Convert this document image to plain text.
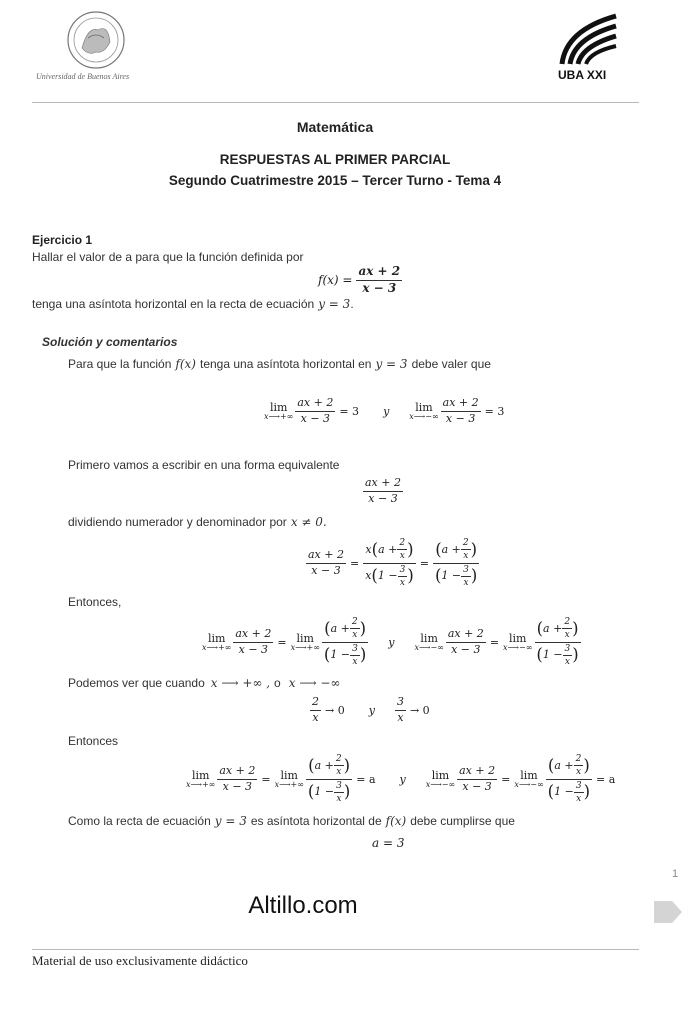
Universidad de Buenos Aires	UBA XXI
Matemática
RESPUESTAS AL PRIMER PARCIAL
Segundo Cuatrimestre 2015 – Tercer Turno - Tema 4
Ejercicio 1
Hallar el valor de a para que la función definida por
$f(x) = \frac{ax + 2}{x - 3}$
tenga una asíntota horizontal en la recta de ecuación y = 3 .
Solución y comentarios
Para que la función f(x) tenga una asíntota horizontal en y = 3 debe valer que
lim
x⟶+∞ $\frac{ax + 2}{x - 3} = 3$ y lim
x⟶−∞ $\frac{ax + 2}{x - 3} = 3$
Primero vamos a escribir en una forma equivalente
$\frac{ax + 2}{x - 3}$
dividiendo numerador y denominador por x ≠ 0.
$\frac{ax + 2}{x - 3} = \frac{x ( a + \frac{2}{x} )}{x ( 1 - \frac{3}{x} )} = \frac{( a + \frac{2}{x} )}{( 1 - \frac{3}{x} )}$
Entonces,
lim
x⟶+∞ $\frac{ax + 2}{x - 3} = \lim$
x⟶+∞ $\frac{( a + \frac{2}{x} )}{( 1 - \frac{3}{x} )}$ y lim
x⟶−∞ $\frac{ax + 2}{x - 3} = \lim$
x⟶−∞ $\frac{( a + \frac{2}{x} )}{( 1 - \frac{3}{x} )}$
Podemos ver que cuando x ⟶ +∞ , o x ⟶ −∞
$\frac{2}{x} \to 0$ y $\frac{3}{x} \to 0$
Entonces
lim
x⟶+∞ $\frac{ax + 2}{x - 3} = \lim$
x⟶+∞ $\frac{( a + \frac{2}{x} )}{( 1 - \frac{3}{x} )} = a$ y lim
x⟶−∞ $\frac{ax + 2}{x - 3} = \lim$
x⟶−∞ $\frac{( a + \frac{2}{x} )}{( 1 - \frac{3}{x} )} = a$
Como la recta de ecuación y = 3 es asíntota horizontal de f(x) debe cumplirse que
a = 3
1
Altillo.com
Material de uso exclusivamente didáctico
